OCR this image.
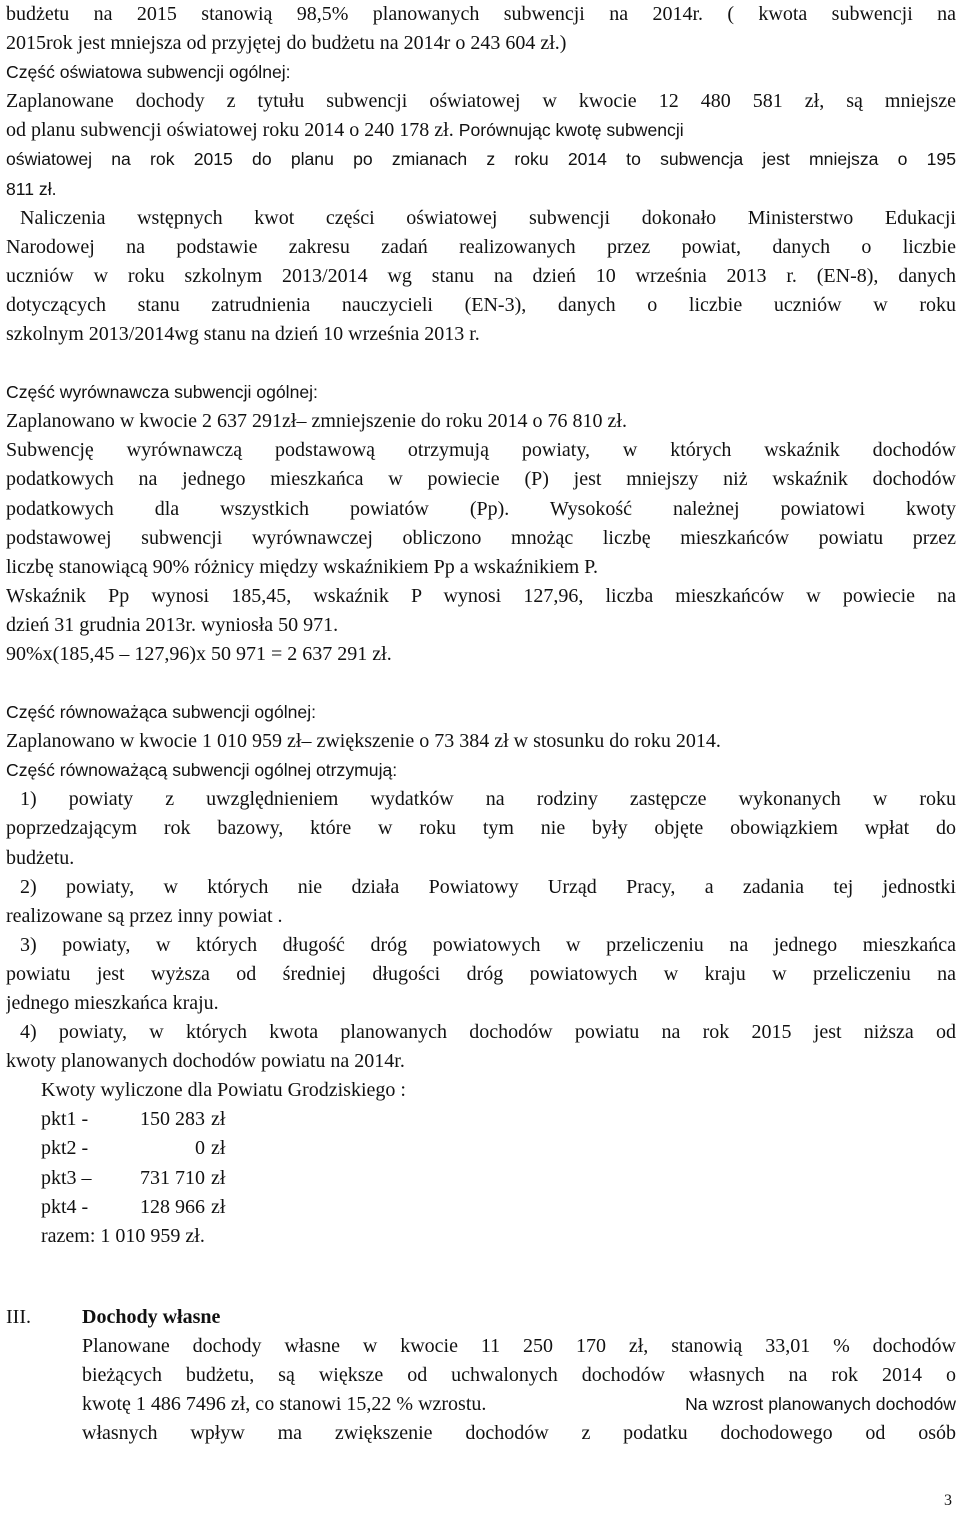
budżetu na 2015 stanowią 98,5% planowanych subwencji na 2014r. ( kwota subwencji na
2015rok jest mniejsza od przyjętej do budżetu na 2014r o 243 604 zł.)
Część oświatowa subwencji ogólnej:
Zaplanowane dochody z tytułu subwencji oświatowej w kwocie 12 480 581 zł, są mniejsze
od planu subwencji oświatowej roku 2014 o 240 178 zł. Porównując kwotę subwencji
oświatowej na rok 2015 do planu po zmianach z roku 2014 to subwencja jest mniejsza o 195
811 zł.
Naliczenia wstępnych kwot części oświatowej subwencji dokonało Ministerstwo Edukacji
Narodowej na podstawie zakresu zadań realizowanych przez powiat, danych o liczbie
uczniów w roku szkolnym 2013/2014 wg stanu na dzień 10 września 2013 r. (EN-8), danych
dotyczących stanu zatrudnienia nauczycieli (EN-3), danych o liczbie uczniów w roku
szkolnym 2013/2014wg stanu na dzień 10 września 2013 r.
Część wyrównawcza subwencji ogólnej:
Zaplanowano w kwocie 2 637 291zł– zmniejszenie do roku 2014 o 76 810 zł.
Subwencję wyrównawczą podstawową otrzymują powiaty, w których wskaźnik dochodów
podatkowych na jednego mieszkańca w powiecie (P) jest mniejszy niż wskaźnik dochodów
podatkowych dla wszystkich powiatów (Pp). Wysokość należnej powiatowi kwoty
podstawowej subwencji wyrównawczej obliczono mnożąc liczbę mieszkańców powiatu przez
liczbę stanowiącą 90% różnicy między wskaźnikiem Pp a wskaźnikiem P.
Wskaźnik Pp wynosi 185,45, wskaźnik P wynosi 127,96, liczba mieszkańców w powiecie na
dzień 31 grudnia 2013r. wyniosła 50 971.
90%x(185,45 – 127,96)x 50 971 = 2 637 291 zł.
Część równoważąca subwencji ogólnej:
Zaplanowano w kwocie 1 010 959 zł– zwiększenie o 73 384 zł w stosunku do roku 2014.
Część równoważącą subwencji ogólnej otrzymują:
1) powiaty z uwzględnieniem wydatków na rodziny zastępcze wykonanych w roku
poprzedzającym rok bazowy, które w roku tym nie były objęte obowiązkiem wpłat do
budżetu.
2) powiaty, w których nie działa Powiatowy Urząd Pracy, a zadania tej jednostki
realizowane są przez inny powiat .
3) powiaty, w których długość dróg powiatowych w przeliczeniu na jednego mieszkańca
powiatu jest wyższa od średniej długości dróg powiatowych w kraju w przeliczeniu na
jednego mieszkańca kraju.
4) powiaty, w których kwota planowanych dochodów powiatu na rok 2015 jest niższa od
kwoty planowanych dochodów powiatu na 2014r.
Kwoty wyliczone dla Powiatu Grodziskiego :
pkt1 -	150 283 zł
pkt2 -	0 zł
pkt3 –	731 710 zł
pkt4 -	128 966 zł
razem: 1 010 959 zł.
III.	Dochody własne
Planowane dochody własne w kwocie 11 250 170 zł, stanowią 33,01 % dochodów
bieżących budżetu, są większe od uchwalonych dochodów własnych na rok 2014 o
kwotę 1 486 7496 zł, co stanowi 15,22 % wzrostu.	Na wzrost planowanych dochodów
własnych wpływ ma zwiększenie dochodów z podatku dochodowego od osób
3
